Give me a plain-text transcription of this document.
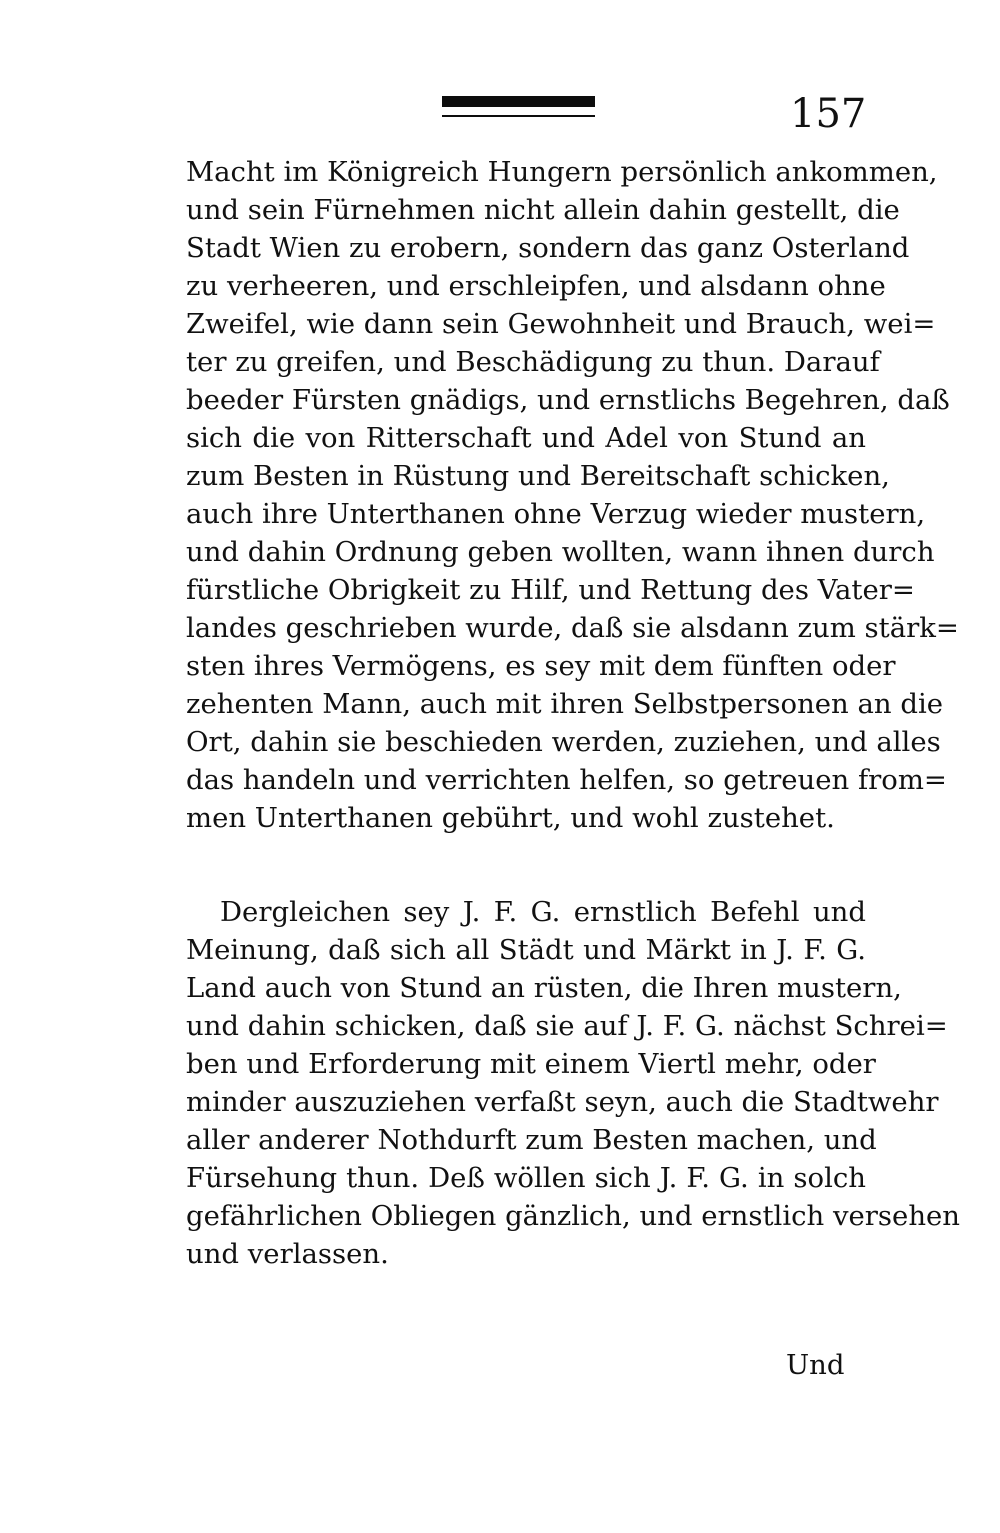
157
Macht im Königreich Hungern persönlich ankommen,
und sein Fürnehmen nicht allein dahin gestellt, die
Stadt Wien zu erobern, sondern das ganz Osterland
zu verheeren, und erschleipfen, und alsdann ohne
Zweifel, wie dann sein Gewohnheit und Brauch, wei=
ter zu greifen, und Beschädigung zu thun. Darauf
beeder Fürsten gnädigs, und ernstlichs Begehren, daß
sich die von Ritterschaft und Adel von Stund an
zum Besten in Rüstung und Bereitschaft schicken,
auch ihre Unterthanen ohne Verzug wieder mustern,
und dahin Ordnung geben wollten, wann ihnen durch
fürstliche Obrigkeit zu Hilf, und Rettung des Vater=
landes geschrieben wurde, daß sie alsdann zum stärk=
sten ihres Vermögens, es sey mit dem fünften oder
zehenten Mann, auch mit ihren Selbstpersonen an die
Ort, dahin sie beschieden werden, zuziehen, und alles
das handeln und verrichten helfen, so getreuen from=
men Unterthanen gebührt, und wohl zustehet.
Dergleichen sey J. F. G. ernstlich Befehl und
Meinung, daß sich all Städt und Märkt in J. F. G.
Land auch von Stund an rüsten, die Ihren mustern,
und dahin schicken, daß sie auf J. F. G. nächst Schrei=
ben und Erforderung mit einem Viertl mehr, oder
minder auszuziehen verfaßt seyn, auch die Stadtwehr
aller anderer Nothdurft zum Besten machen, und
Fürsehung thun. Deß wöllen sich J. F. G. in solch
gefährlichen Obliegen gänzlich, und ernstlich versehen
und verlassen.
Und
